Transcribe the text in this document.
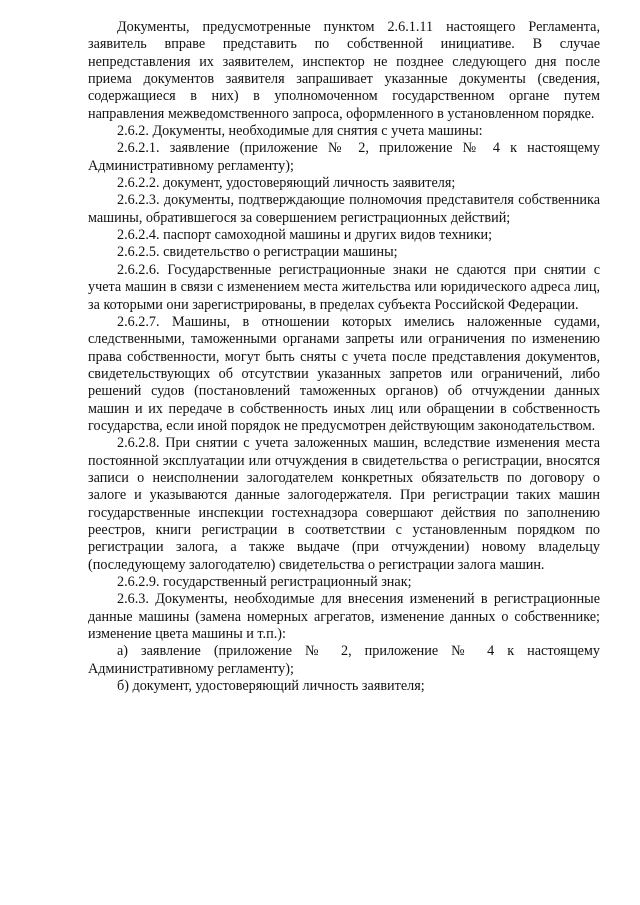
Документы, предусмотренные пунктом 2.6.1.11 настоящего Регламента, заявитель вправе представить по собственной инициативе. В случае непредставления их заявителем, инспектор не позднее следующего дня после приема документов заявителя запрашивает указанные документы (сведения, содержащиеся в них) в уполномоченном государственном органе путем направления межведомственного запроса, оформленного в установленном порядке.

2.6.2. Документы, необходимые для снятия с учета машины:

2.6.2.1. заявление (приложение № 2, приложение № 4 к настоящему Административному регламенту);

2.6.2.2. документ, удостоверяющий личность заявителя;

2.6.2.3. документы, подтверждающие полномочия представителя собственника машины, обратившегося за совершением регистрационных действий;

2.6.2.4. паспорт самоходной машины и других видов техники;

2.6.2.5. свидетельство о регистрации машины;

2.6.2.6. Государственные регистрационные знаки не сдаются при снятии с учета машин в связи с изменением места жительства или юридического адреса лиц, за которыми они зарегистрированы, в пределах субъекта Российской Федерации.

2.6.2.7. Машины, в отношении которых имелись наложенные судами, следственными, таможенными органами запреты или ограничения по изменению права собственности, могут быть сняты с учета после представления документов, свидетельствующих об отсутствии указанных запретов или ограничений, либо решений судов (постановлений таможенных органов) об отчуждении данных машин и их передаче в собственность иных лиц или обращении в собственность государства, если иной порядок не предусмотрен действующим законодательством.

2.6.2.8. При снятии с учета заложенных машин, вследствие изменения места постоянной эксплуатации или отчуждения в свидетельства о регистрации, вносятся записи о неисполнении залогодателем конкретных обязательств по договору о залоге и указываются данные залогодержателя. При регистрации таких машин государственные инспекции гостехнадзора совершают действия по заполнению реестров, книги регистрации в соответствии с установленным порядком по регистрации залога, а также выдаче (при отчуждении) новому владельцу (последующему залогодателю) свидетельства о регистрации залога машин.

2.6.2.9. государственный регистрационный знак;

2.6.3. Документы, необходимые для внесения изменений в регистрационные данные машины (замена номерных агрегатов, изменение данных о собственнике; изменение цвета машины и т.п.):

а) заявление (приложение № 2, приложение № 4 к настоящему Административному регламенту);

б) документ, удостоверяющий личность заявителя;
